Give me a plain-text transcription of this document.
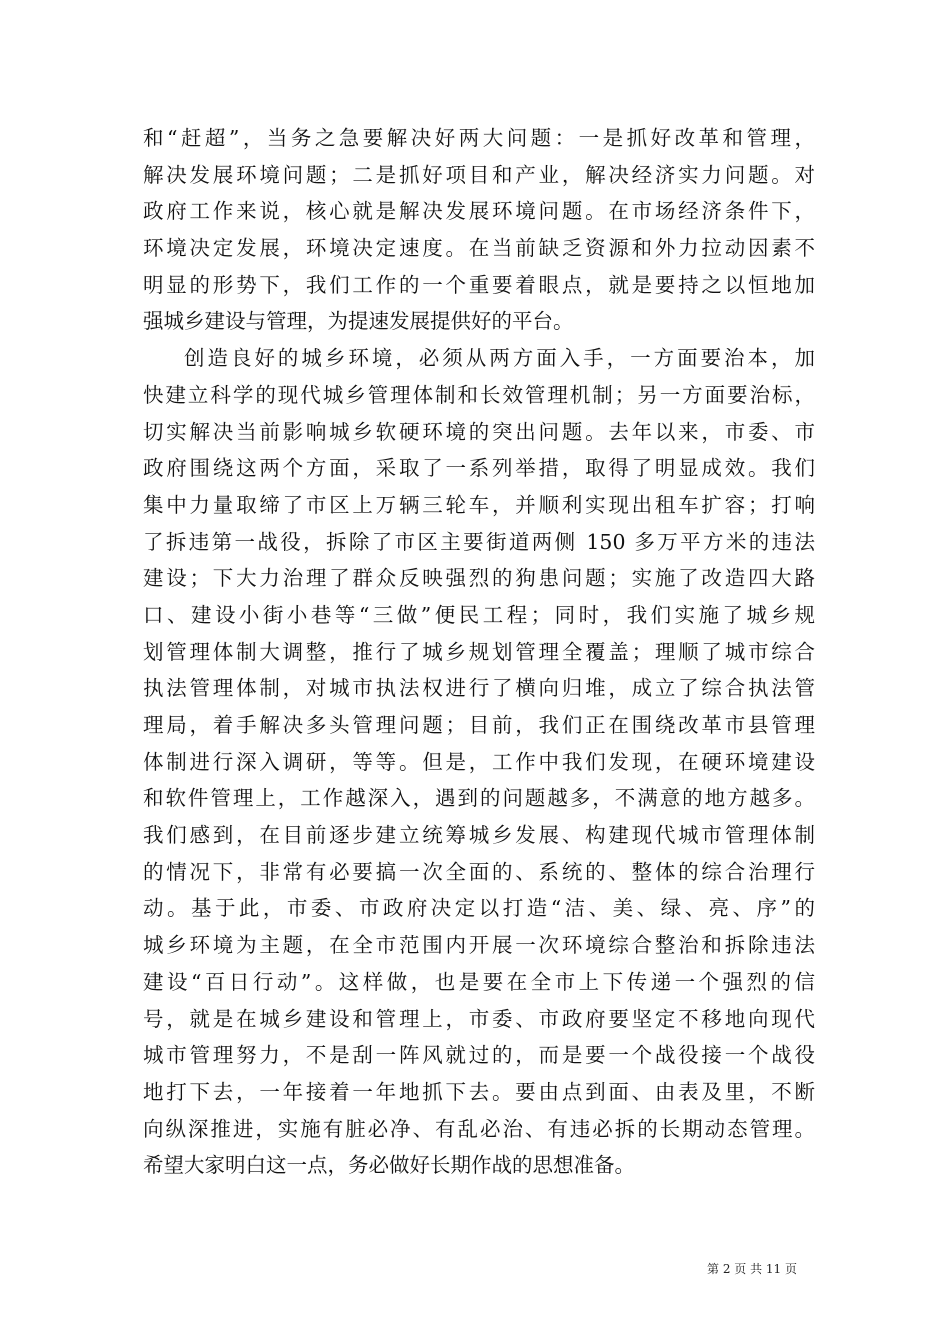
和“赶超”，当务之急要解决好两大问题：一是抓好改革和管理，
解决发展环境问题；二是抓好项目和产业，解决经济实力问题。对
政府工作来说，核心就是解决发展环境问题。在市场经济条件下，
环境决定发展，环境决定速度。在当前缺乏资源和外力拉动因素不
明显的形势下，我们工作的一个重要着眼点，就是要持之以恒地加
强城乡建设与管理，为提速发展提供好的平台。
创造良好的城乡环境，必须从两方面入手，一方面要治本，加
快建立科学的现代城乡管理体制和长效管理机制；另一方面要治标，
切实解决当前影响城乡软硬环境的突出问题。去年以来，市委、市
政府围绕这两个方面，采取了一系列举措，取得了明显成效。我们
集中力量取缔了市区上万辆三轮车，并顺利实现出租车扩容；打响
了拆违第一战役，拆除了市区主要街道两侧 150 多万平方米的违法
建设；下大力治理了群众反映强烈的狗患问题；实施了改造四大路
口、建设小街小巷等“三做”便民工程；同时，我们实施了城乡规
划管理体制大调整，推行了城乡规划管理全覆盖；理顺了城市综合
执法管理体制，对城市执法权进行了横向归堆，成立了综合执法管
理局，着手解决多头管理问题；目前，我们正在围绕改革市县管理
体制进行深入调研，等等。但是，工作中我们发现，在硬环境建设
和软件管理上，工作越深入，遇到的问题越多，不满意的地方越多。
我们感到，在目前逐步建立统筹城乡发展、构建现代城市管理体制
的情况下，非常有必要搞一次全面的、系统的、整体的综合治理行
动。基于此，市委、市政府决定以打造“洁、美、绿、亮、序”的
城乡环境为主题，在全市范围内开展一次环境综合整治和拆除违法
建设“百日行动”。这样做，也是要在全市上下传递一个强烈的信
号，就是在城乡建设和管理上，市委、市政府要坚定不移地向现代
城市管理努力，不是刮一阵风就过的，而是要一个战役接一个战役
地打下去，一年接着一年地抓下去。要由点到面、由表及里，不断
向纵深推进，实施有脏必净、有乱必治、有违必拆的长期动态管理。
希望大家明白这一点，务必做好长期作战的思想准备。
第 2 页 共 11 页
